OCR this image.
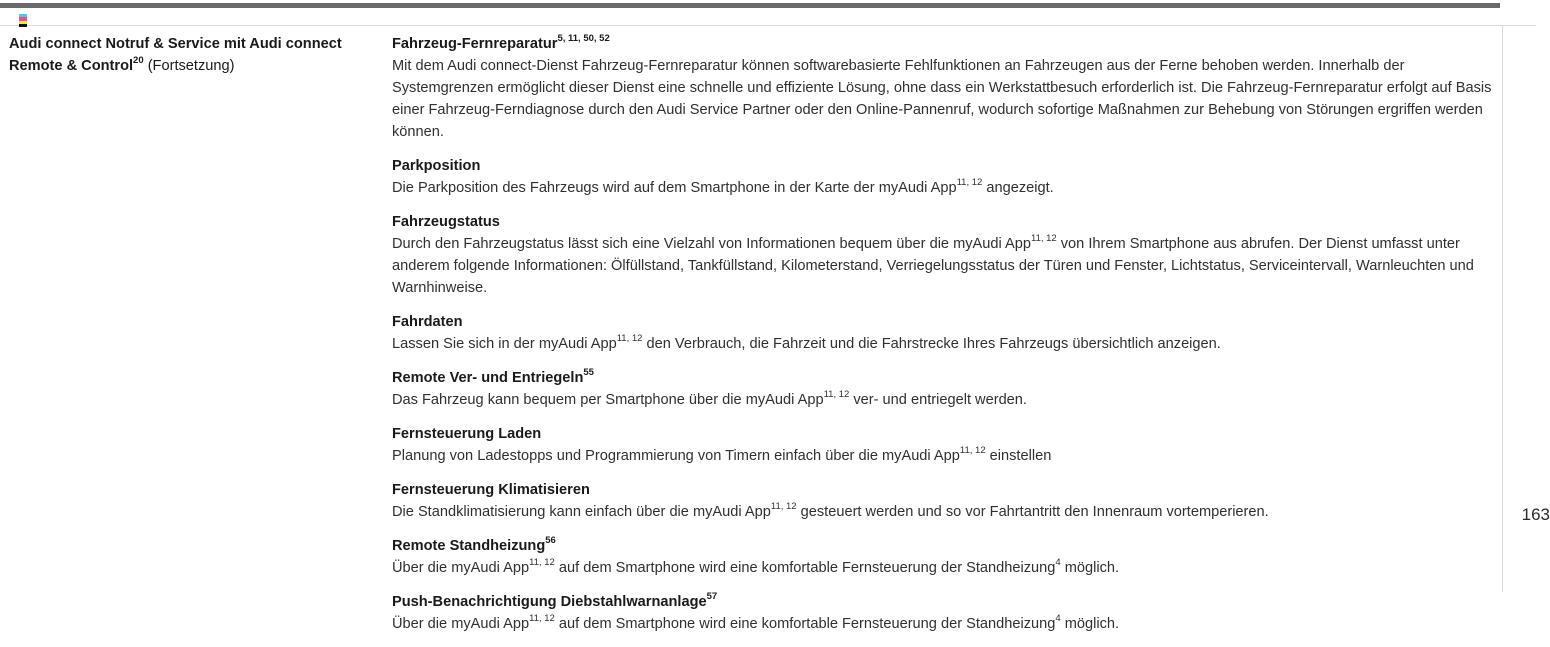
Audi connect Notruf & Service mit Audi connect
Remote & Control$^{20}$ (Fortsetzung)
Fahrzeug-Fernreparatur$^{5, 11, 50, 52}$
Mit dem Audi connect-Dienst Fahrzeug-Fernreparatur können softwarebasierte Fehlfunktionen an Fahrzeugen aus der Ferne behoben werden. Innerhalb der Systemgrenzen ermöglicht dieser Dienst eine schnelle und effiziente Lösung, ohne dass ein Werkstattbesuch erforderlich ist. Die Fahrzeug-Fernreparatur erfolgt auf Basis einer Fahrzeug-Ferndiagnose durch den Audi Service Partner oder den Online-Pannenruf, wodurch sofortige Maßnahmen zur Behebung von Störungen ergriffen werden können.
Parkposition
Die Parkposition des Fahrzeugs wird auf dem Smartphone in der Karte der myAudi App$^{11, 12}$ angezeigt.
Fahrzeugstatus
Durch den Fahrzeugstatus lässt sich eine Vielzahl von Informationen bequem über die myAudi App$^{11, 12}$ von Ihrem Smartphone aus abrufen. Der Dienst umfasst unter anderem folgende Informationen: Ölfüllstand, Tankfüllstand, Kilometerstand, Verriegelungsstatus der Türen und Fenster, Lichtstatus, Serviceintervall, Warnleuchten und Warnhinweise.
Fahrdaten
Lassen Sie sich in der myAudi App$^{11, 12}$ den Verbrauch, die Fahrzeit und die Fahrstrecke Ihres Fahrzeugs übersichtlich anzeigen.
Remote Ver- und Entriegeln$^{55}$
Das Fahrzeug kann bequem per Smartphone über die myAudi App$^{11, 12}$ ver- und entriegelt werden.
Fernsteuerung Laden
Planung von Ladestopps und Programmierung von Timern einfach über die myAudi App$^{11, 12}$ einstellen
Fernsteuerung Klimatisieren
Die Standklimatisierung kann einfach über die myAudi App$^{11, 12}$ gesteuert werden und so vor Fahrtantritt den Innenraum vortemperieren.
Remote Standheizung$^{56}$
Über die myAudi App$^{11, 12}$ auf dem Smartphone wird eine komfortable Fernsteuerung der Standheizung$^4$ möglich.
Push-Benachrichtigung Diebstahlwarnanlage$^{57}$
Über die myAudi App$^{11, 12}$ auf dem Smartphone wird eine komfortable Fernsteuerung der Standheizung$^4$ möglich.
163
